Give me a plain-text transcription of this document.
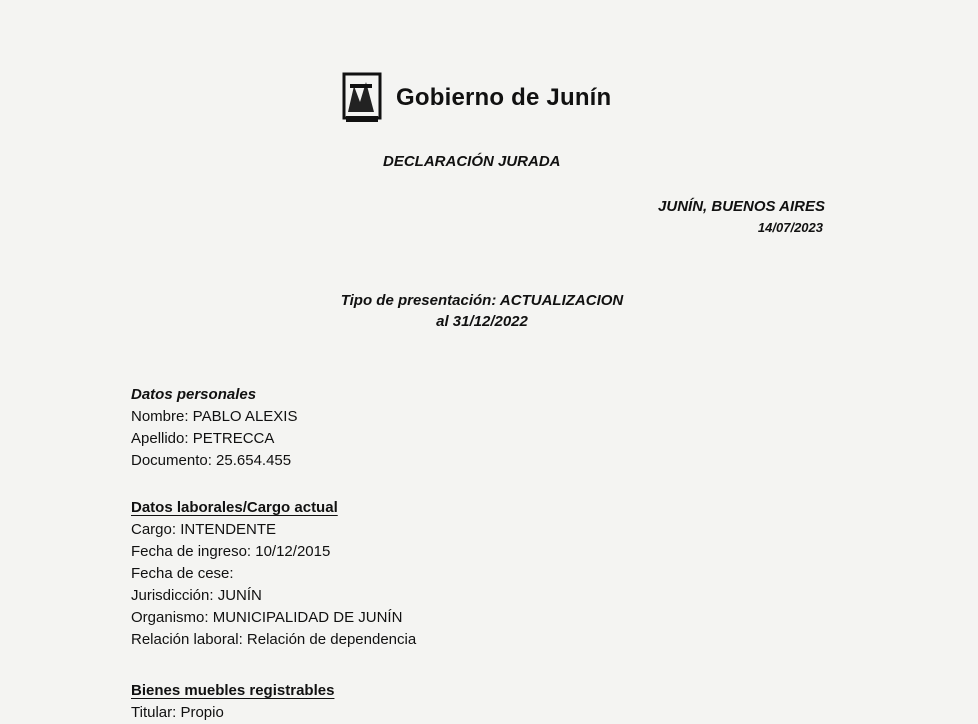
Gobierno de Junín
DECLARACIÓN JURADA
JUNÍN, BUENOS AIRES
14/07/2023
Tipo de presentación: ACTUALIZACION
al 31/12/2022
Datos personales
Nombre: PABLO ALEXIS
Apellido: PETRECCA
Documento: 25.654.455
Datos laborales/Cargo actual
Cargo: INTENDENTE
Fecha de ingreso: 10/12/2015
Fecha de cese:
Jurisdicción: JUNÍN
Organismo: MUNICIPALIDAD DE JUNÍN
Relación laboral: Relación de dependencia
Bienes muebles registrables
Titular: Propio
